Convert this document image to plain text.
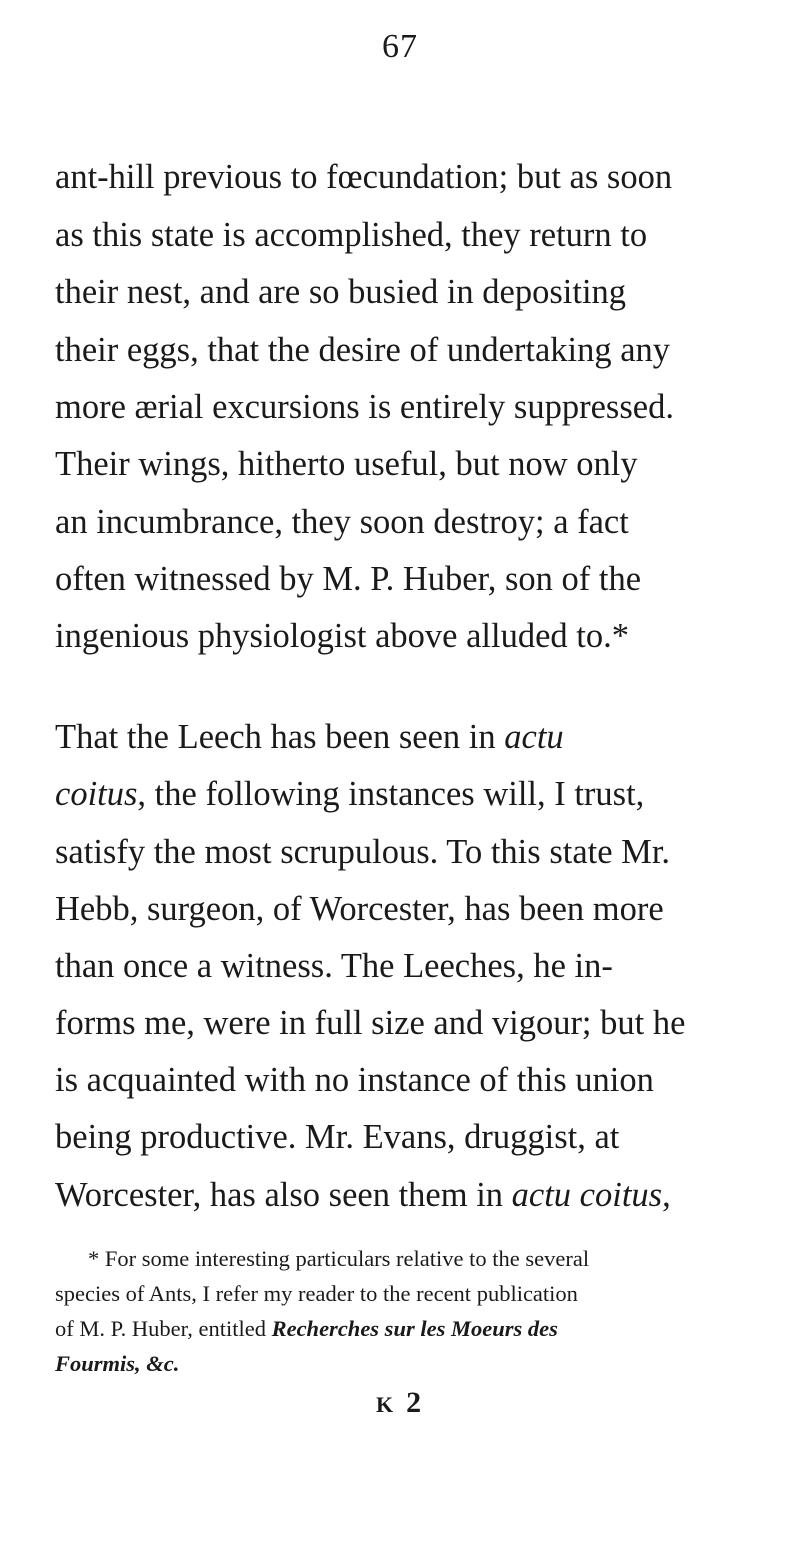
67
ant-hill previous to fœcundation; but as soon
as this state is accomplished, they return to
their nest, and are so busied in depositing
their eggs, that the desire of undertaking any
more ærial excursions is entirely suppressed.
Their wings, hitherto useful, but now only
an incumbrance, they soon destroy; a fact
often witnessed by M. P. Huber, son of the
ingenious physiologist above alluded to.*
That the Leech has been seen in actu
coitus, the following instances will, I trust,
satisfy the most scrupulous. To this state Mr.
Hebb, surgeon, of Worcester, has been more
than once a witness. The Leeches, he in-
forms me, were in full size and vigour; but he
is acquainted with no instance of this union
being productive. Mr. Evans, druggist, at
Worcester, has also seen them in actu coitus,
* For some interesting particulars relative to the several
species of Ants, I refer my reader to the recent publication
of M. P. Huber, entitled Recherches sur les Moeurs des
Fourmis, &c.
K 2
